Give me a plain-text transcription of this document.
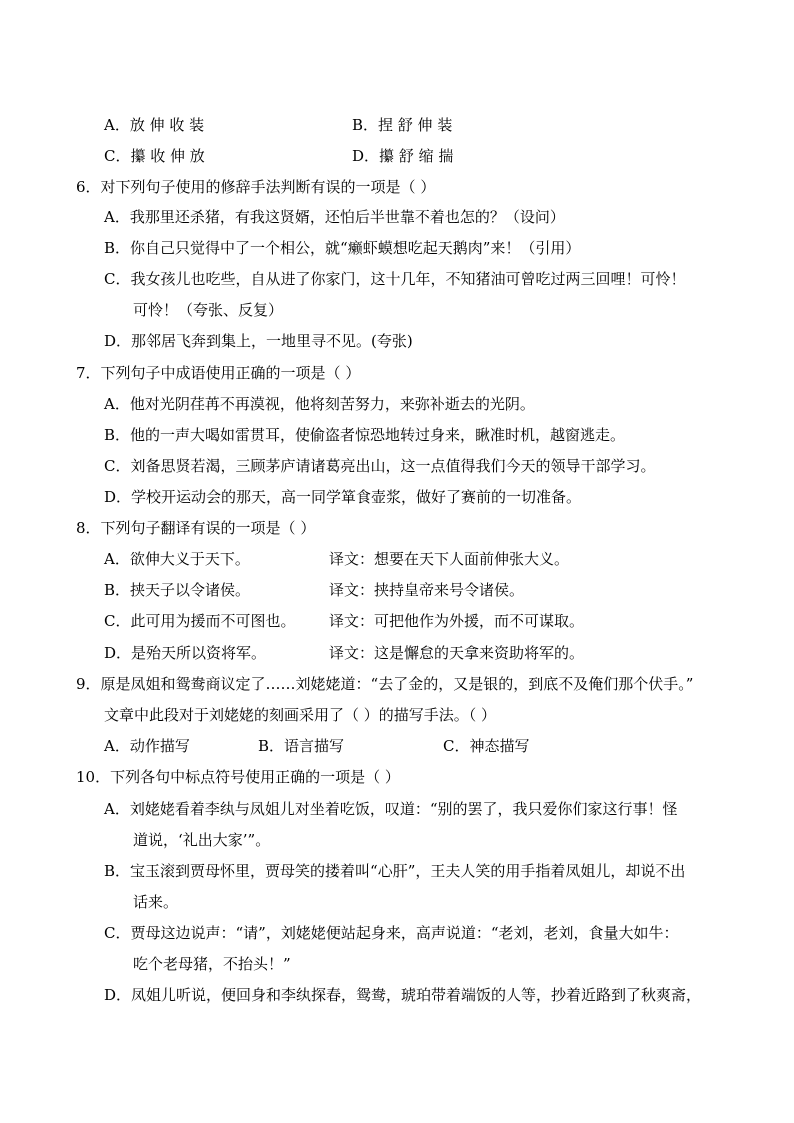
A．放 伸 收 装	B．捏 舒 伸 装
C．攥 收 伸 放	D．攥 舒 缩 揣
6．对下列句子使用的修辞手法判断有误的一项是（ ）
A．我那里还杀猪，有我这贤婿，还怕后半世靠不着也怎的？（设问）
B．你自己只觉得中了一个相公，就“癞虾蟆想吃起天鹅肉”来！（引用）
C．我女孩儿也吃些，自从进了你家门，这十几年，不知猪油可曾吃过两三回哩！可怜！
可怜！（夸张、反复）
D．那邻居飞奔到集上，一地里寻不见。(夸张)
7．下列句子中成语使用正确的一项是（ ）
A．他对光阴荏苒不再漠视，他将刻苦努力，来弥补逝去的光阴。
B．他的一声大喝如雷贯耳，使偷盗者惊恐地转过身来，瞅准时机，越窗逃走。
C．刘备思贤若渴，三顾茅庐请诸葛亮出山，这一点值得我们今天的领导干部学习。
D．学校开运动会的那天，高一同学箪食壶浆，做好了赛前的一切准备。
8．下列句子翻译有误的一项是（ ）
A．欲伸大义于天下。	译文：想要在天下人面前伸张大义。
B．挟天子以令诸侯。	译文：挟持皇帝来号令诸侯。
C．此可用为援而不可图也。 译文：可把他作为外援，而不可谋取。
D．是殆天所以资将军。	译文：这是懈怠的天拿来资助将军的。
9．原是凤姐和鸳鸯商议定了……刘姥姥道：“去了金的，又是银的，到底不及俺们那个伏手。”
文章中此段对于刘姥姥的刻画采用了（ ）的描写手法。（ ）
A．动作描写	B．语言描写	C．神态描写
10．下列各句中标点符号使用正确的一项是（ ）
A．刘姥姥看着李纨与凤姐儿对坐着吃饭，叹道：“别的罢了，我只爱你们家这行事！怪
道说，‘礼出大家’”。
B．宝玉滚到贾母怀里，贾母笑的搂着叫“心肝”，王夫人笑的用手指着凤姐儿，却说不出
话来。
C．贾母这边说声：“请”，刘姥姥便站起身来，高声说道：“老刘，老刘，食量大如牛：
吃个老母猪，不抬头！”
D．凤姐儿听说，便回身和李纨探春，鸳鸯，琥珀带着端饭的人等，抄着近路到了秋爽斋，
